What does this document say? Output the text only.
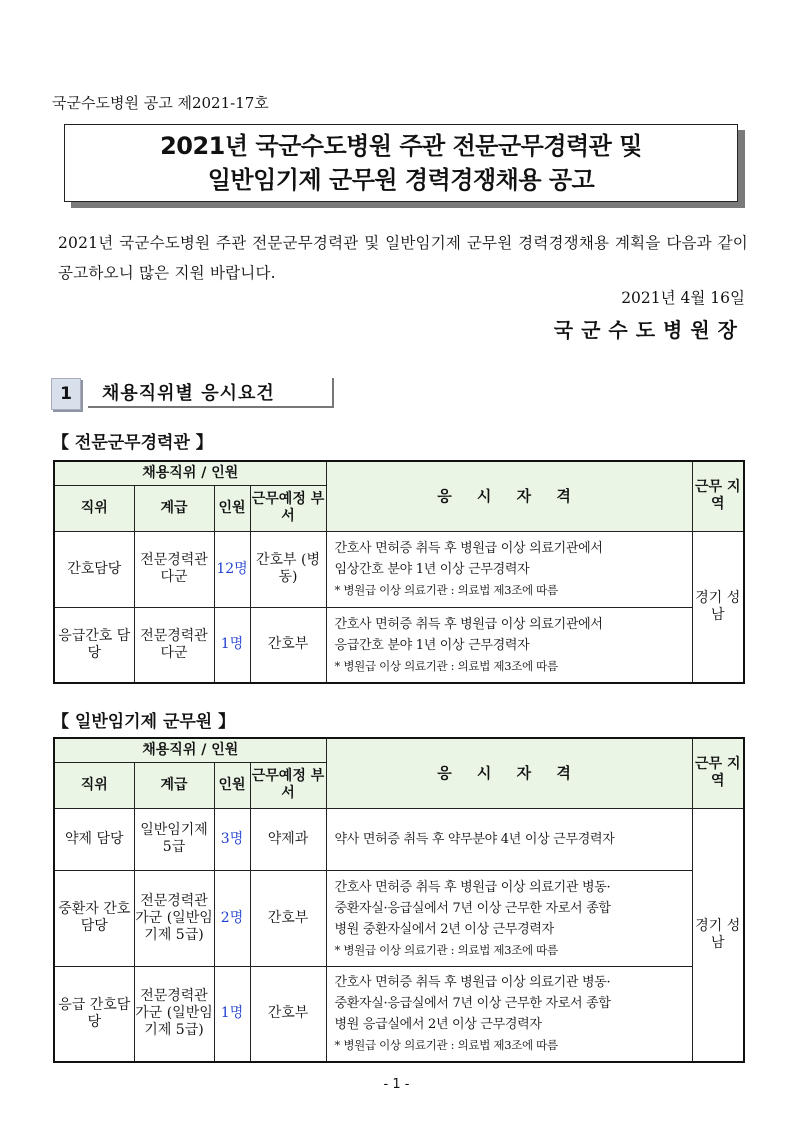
국군수도병원 공고 제2021-17호
2021년 국군수도병원 주관 전문군무경력관 및
일반임기제 군무원 경력경쟁채용 공고
2021년 국군수도병원 주관 전문군무경력관 및 일반임기제 군무원 경력경쟁채용 계획을 다음과 같이 공고하오니 많은 지원 바랍니다.
2021년 4월 16일
국군수도병원장
1	채용직위별 응시요건
【 전문군무경력관 】
채용직위 / 인원				응 시 자 격	근무 지역
직위	계급	인원	근무예정 부서		
간호담당	전문경력관 다군	12명	간호부 (병동)	간호사 면허증 취득 후 병원급 이상 의료기관에서
임상간호 분야 1년 이상 근무경력자
* 병원급 이상 의료기관 : 의료법 제3조에 따름	경기 성남
응급간호 담당	전문경력관 다군	1명	간호부	간호사 면허증 취득 후 병원급 이상 의료기관에서
응급간호 분야 1년 이상 근무경력자
* 병원급 이상 의료기관 : 의료법 제3조에 따름	
【 일반임기제 군무원 】
채용직위 / 인원				응 시 자 격	근무 지역
직위	계급	인원	근무예정 부서		
약제 담당	일반임기제 5급	3명	약제과	약사 면허증 취득 후 약무분야 4년 이상 근무경력자	경기 성남
중환자 간호담당	전문경력관 가군 (일반임기제 5급)	2명	간호부	간호사 면허증 취득 후 병원급 이상 의료기관 병동·
중환자실·응급실에서 7년 이상 근무한 자로서 종합
병원 중환자실에서 2년 이상 근무경력자
* 병원급 이상 의료기관 : 의료법 제3조에 따름	

응급 간호담당	전문경력관 가군 (일반임기제 5급)	1명	간호부	간호사 면허증 취득 후 병원급 이상 의료기관 병동·
중환자실·응급실에서 7년 이상 근무한 자로서 종합
병원 응급실에서 2년 이상 근무경력자
* 병원급 이상 의료기관 : 의료법 제3조에 따름	
- 1 -
